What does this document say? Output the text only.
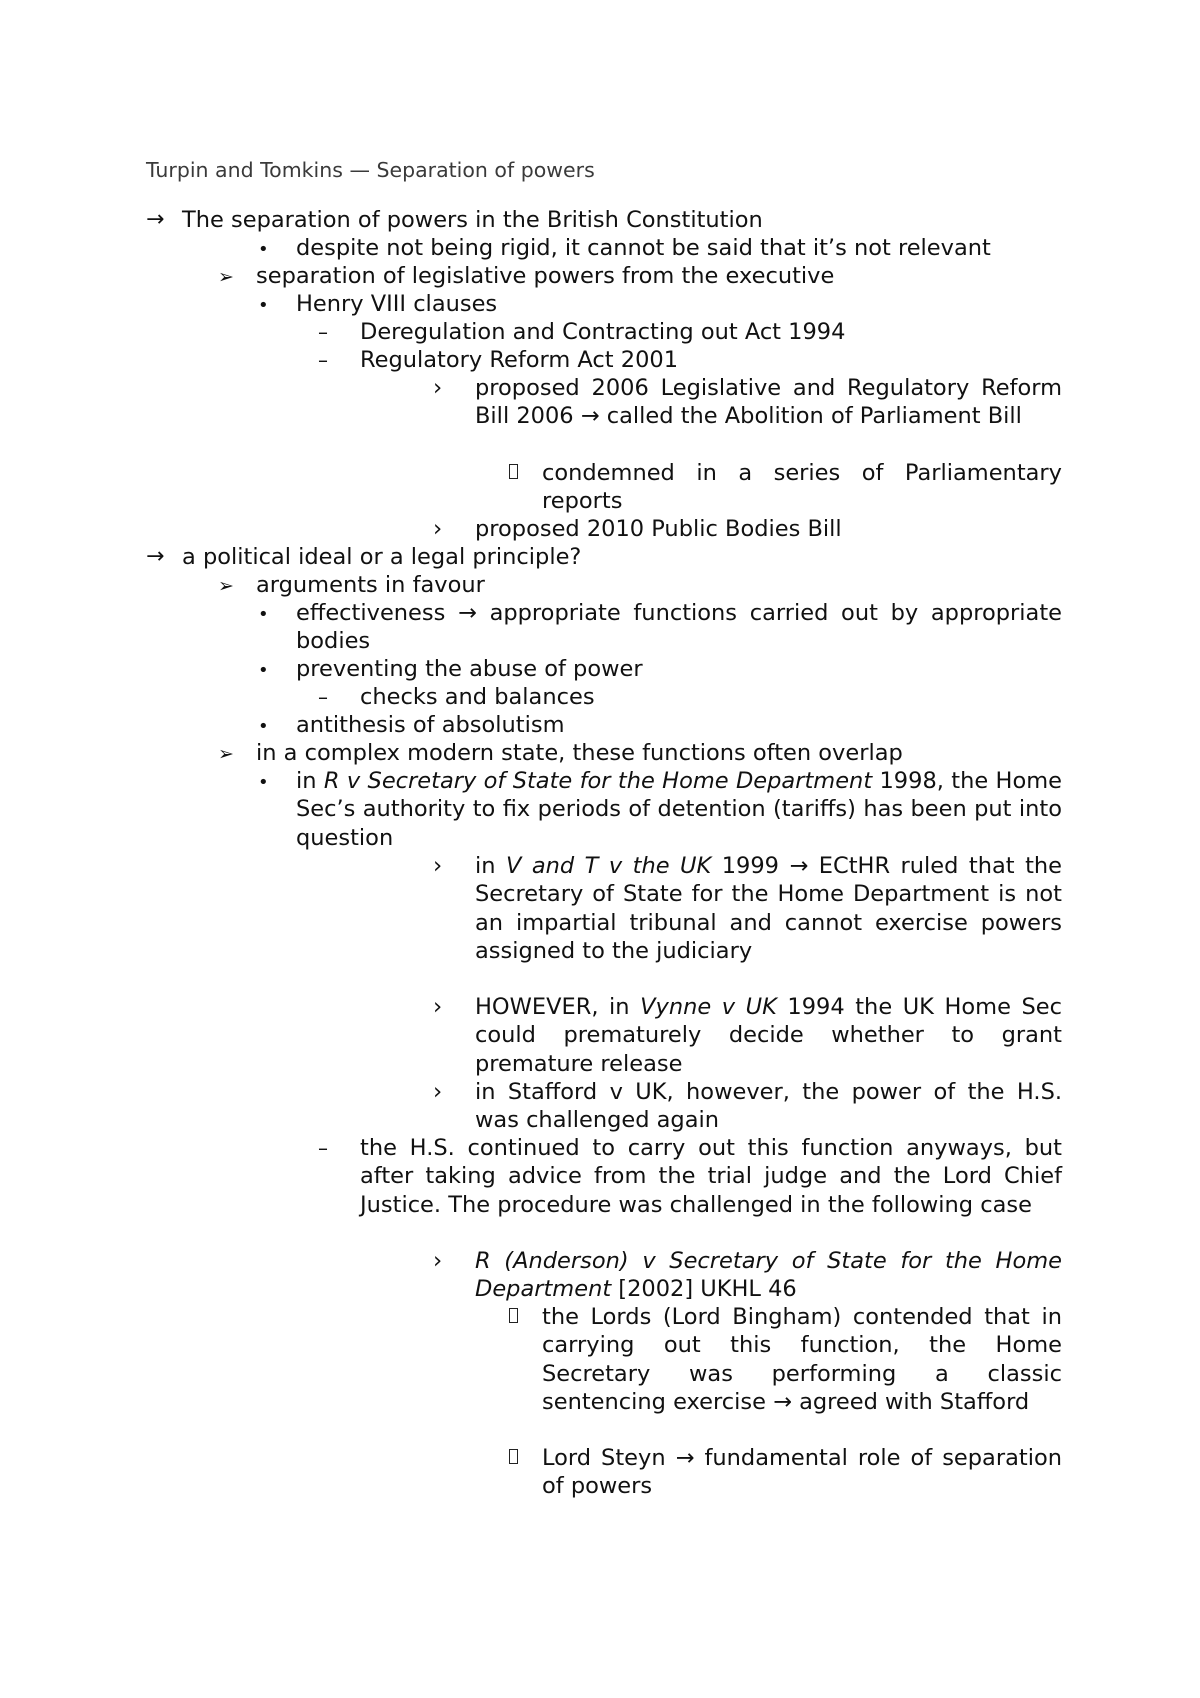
Turpin and Tomkins — Separation of powers
→ The separation of powers in the British Constitution
• despite not being rigid, it cannot be said that it’s not relevant
➢ separation of legislative powers from the executive
• Henry VIII clauses
– Deregulation and Contracting out Act 1994
– Regulatory Reform Act 2001
› proposed 2006 Legislative and Regulatory Reform Bill 2006 → called the Abolition of Parliament Bill
condemned in a series of Parliamentary reports
› proposed 2010 Public Bodies Bill
→ a political ideal or a legal principle?
➢ arguments in favour
• effectiveness → appropriate functions carried out by appropriate bodies
• preventing the abuse of power
– checks and balances
• antithesis of absolutism
➢ in a complex modern state, these functions often overlap
• in R v Secretary of State for the Home Department 1998, the Home Sec’s authority to fix periods of detention (tariffs) has been put into question
› in V and T v the UK 1999 → ECtHR ruled that the Secretary of State for the Home Department is not an impartial tribunal and cannot exercise powers assigned to the judiciary
› HOWEVER, in Vynne v UK 1994 the UK Home Sec could prematurely decide whether to grant premature release
› in Stafford v UK, however, the power of the H.S. was challenged again
– the H.S. continued to carry out this function anyways, but after taking advice from the trial judge and the Lord Chief Justice. The procedure was challenged in the following case
› R (Anderson) v Secretary of State for the Home Department [2002] UKHL 46
the Lords (Lord Bingham) contended that in carrying out this function, the Home Secretary was performing a classic sentencing exercise → agreed with Stafford
Lord Steyn → fundamental role of separation of powers
